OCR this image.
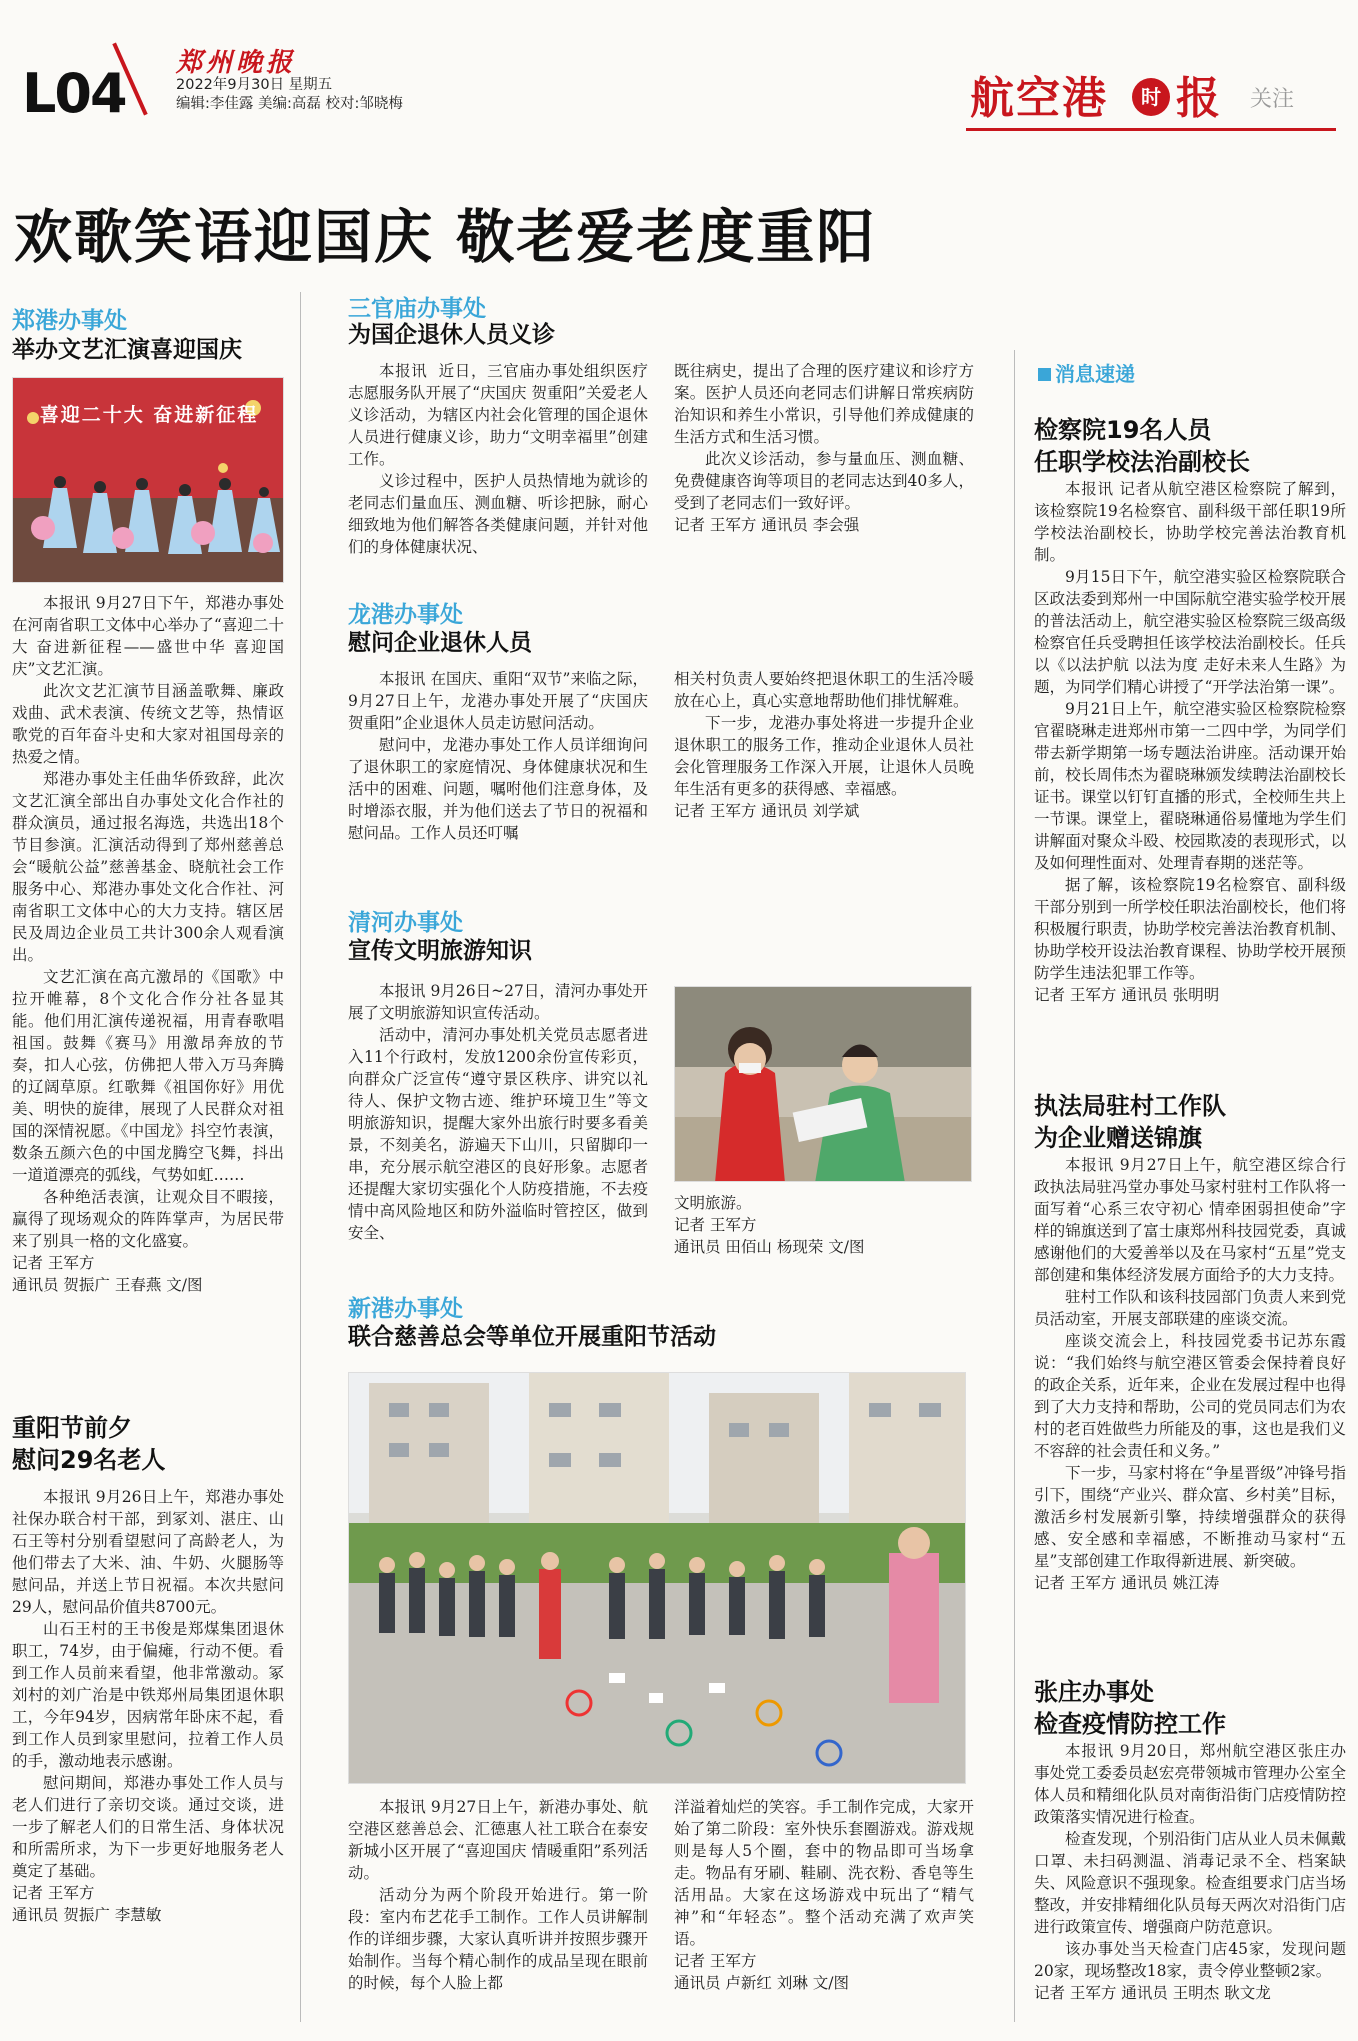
L04 郑州晚报
2022年9月30日 星期五
编辑:李佳露 美编:高磊 校对:邹晓梅	航空港	时 报 关注
欢歌笑语迎国庆 敬老爱老度重阳
郑港办事处
举办文艺汇演喜迎国庆
喜迎二十大 奋进新征程

本报讯 9月27日下午，郑港办事处在河南省职工文体中心举办了“喜迎二十大 奋进新征程——盛世中华 喜迎国庆”文艺汇演。

此次文艺汇演节目涵盖歌舞、廉政戏曲、武术表演、传统文艺等，热情讴歌党的百年奋斗史和大家对祖国母亲的热爱之情。

郑港办事处主任曲华侨致辞，此次文艺汇演全部出自办事处文化合作社的群众演员，通过报名海选，共选出18个节目参演。汇演活动得到了郑州慈善总会“暖航公益”慈善基金、晓航社会工作服务中心、郑港办事处文化合作社、河南省职工文体中心的大力支持。辖区居民及周边企业员工共计300余人观看演出。

文艺汇演在高亢激昂的《国歌》中拉开帷幕，8个文化合作分社各显其能。他们用汇演传递祝福，用青春歌唱祖国。鼓舞《赛马》用激昂奔放的节奏，扣人心弦，仿佛把人带入万马奔腾的辽阔草原。红歌舞《祖国你好》用优美、明快的旋律，展现了人民群众对祖国的深情祝愿。《中国龙》抖空竹表演，数条五颜六色的中国龙腾空飞舞，抖出一道道漂亮的弧线，气势如虹……

各种绝活表演，让观众目不暇接，赢得了现场观众的阵阵掌声，为居民带来了别具一格的文化盛宴。

记者 王军方

通讯员 贺振广 王春燕 文/图

重阳节前夕
慰问29名老人

本报讯 9月26日上午，郑港办事处社保办联合村干部，到冢刘、湛庄、山石王等村分别看望慰问了高龄老人，为他们带去了大米、油、牛奶、火腿肠等慰问品，并送上节日祝福。本次共慰问29人，慰问品价值共8700元。

山石王村的王书俊是郑煤集团退休职工，74岁，由于偏瘫，行动不便。看到工作人员前来看望，他非常激动。冢刘村的刘广治是中铁郑州局集团退休职工，今年94岁，因病常年卧床不起，看到工作人员到家里慰问，拉着工作人员的手，激动地表示感谢。

慰问期间，郑港办事处工作人员与老人们进行了亲切交谈。通过交谈，进一步了解老人们的日常生活、身体状况和所需所求，为下一步更好地服务老人奠定了基础。

记者 王军方

通讯员 贺振广 李慧敏

三官庙办事处
为国企退休人员义诊

本报讯 近日，三官庙办事处组织医疗志愿服务队开展了“庆国庆 贺重阳”关爱老人义诊活动，为辖区内社会化管理的国企退休人员进行健康义诊，助力“文明幸福里”创建工作。

义诊过程中，医护人员热情地为就诊的老同志们量血压、测血糖、听诊把脉，耐心细致地为他们解答各类健康问题，并针对他们的身体健康状况、

既往病史，提出了合理的医疗建议和诊疗方案。医护人员还向老同志们讲解日常疾病防治知识和养生小常识，引导他们养成健康的生活方式和生活习惯。

此次义诊活动，参与量血压、测血糖、免费健康咨询等项目的老同志达到40多人，受到了老同志们一致好评。

记者 王军方 通讯员 李会强

龙港办事处
慰问企业退休人员

本报讯 在国庆、重阳“双节”来临之际，9月27日上午，龙港办事处开展了“庆国庆 贺重阳”企业退休人员走访慰问活动。

慰问中，龙港办事处工作人员详细询问了退休职工的家庭情况、身体健康状况和生活中的困难、问题，嘱咐他们注意身体，及时增添衣服，并为他们送去了节日的祝福和慰问品。工作人员还叮嘱

相关村负责人要始终把退休职工的生活冷暖放在心上，真心实意地帮助他们排忧解难。

下一步，龙港办事处将进一步提升企业退休职工的服务工作，推动企业退休人员社会化管理服务工作深入开展，让退休人员晚年生活有更多的获得感、幸福感。

记者 王军方 通讯员 刘学斌

清河办事处
宣传文明旅游知识

本报讯 9月26日~27日，清河办事处开展了文明旅游知识宣传活动。

活动中，清河办事处机关党员志愿者进入11个行政村，发放1200余份宣传彩页，向群众广泛宣传“遵守景区秩序、讲究以礼待人、保护文物古迹、维护环境卫生”等文明旅游知识，提醒大家外出旅行时要多看美景，不刻美名，游遍天下山川，只留脚印一串，充分展示航空港区的良好形象。志愿者还提醒大家切实强化个人防疫措施，不去疫情中高风险地区和防外溢临时管控区，做到安全、

文明旅游。

记者 王军方

通讯员 田佰山 杨现荣 文/图

新港办事处
联合慈善总会等单位开展重阳节活动

本报讯 9月27日上午，新港办事处、航空港区慈善总会、汇德惠人社工联合在泰安新城小区开展了“喜迎国庆 情暖重阳”系列活动。

活动分为两个阶段开始进行。第一阶段：室内布艺花手工制作。工作人员讲解制作的详细步骤，大家认真听讲并按照步骤开始制作。当每个精心制作的成品呈现在眼前的时候，每个人脸上都

洋溢着灿烂的笑容。手工制作完成，大家开始了第二阶段：室外快乐套圈游戏。游戏规则是每人5个圈，套中的物品即可当场拿走。物品有牙刷、鞋刷、洗衣粉、香皂等生活用品。大家在这场游戏中玩出了“精气神”和“年轻态”。整个活动充满了欢声笑语。

记者 王军方

通讯员 卢新红 刘琳 文/图

消息速递
检察院19名人员
任职学校法治副校长

本报讯 记者从航空港区检察院了解到，该检察院19名检察官、副科级干部任职19所学校法治副校长，协助学校完善法治教育机制。

9月15日下午，航空港实验区检察院联合区政法委到郑州一中国际航空港实验学校开展的普法活动上，航空港实验区检察院三级高级检察官任兵受聘担任该学校法治副校长。任兵以《以法护航 以法为度 走好未来人生路》为题，为同学们精心讲授了“开学法治第一课”。

9月21日上午，航空港实验区检察院检察官翟晓琳走进郑州市第一二四中学，为同学们带去新学期第一场专题法治讲座。活动课开始前，校长周伟杰为翟晓琳颁发续聘法治副校长证书。课堂以钉钉直播的形式，全校师生共上一节课。课堂上，翟晓琳通俗易懂地为学生们讲解面对聚众斗殴、校园欺凌的表现形式，以及如何理性面对、处理青春期的迷茫等。

据了解，该检察院19名检察官、副科级干部分别到一所学校任职法治副校长，他们将积极履行职责，协助学校完善法治教育机制、协助学校开设法治教育课程、协助学校开展预防学生违法犯罪工作等。

记者 王军方 通讯员 张明明

执法局驻村工作队
为企业赠送锦旗

本报讯 9月27日上午，航空港区综合行政执法局驻冯堂办事处马家村驻村工作队将一面写着“心系三农守初心 情牵困弱担使命”字样的锦旗送到了富士康郑州科技园党委，真诚感谢他们的大爱善举以及在马家村“五星”党支部创建和集体经济发展方面给予的大力支持。

驻村工作队和该科技园部门负责人来到党员活动室，开展支部联建的座谈交流。

座谈交流会上，科技园党委书记苏东霞说：“我们始终与航空港区管委会保持着良好的政企关系，近年来，企业在发展过程中也得到了大力支持和帮助，公司的党员同志们为农村的老百姓做些力所能及的事，这也是我们义不容辞的社会责任和义务。”

下一步，马家村将在“争星晋级”冲锋号指引下，围绕“产业兴、群众富、乡村美”目标，激活乡村发展新引擎，持续增强群众的获得感、安全感和幸福感，不断推动马家村“五星”支部创建工作取得新进展、新突破。

记者 王军方 通讯员 姚江涛

张庄办事处
检查疫情防控工作

本报讯 9月20日，郑州航空港区张庄办事处党工委委员赵宏亮带领城市管理办公室全体人员和精细化队员对南街沿街门店疫情防控政策落实情况进行检查。

检查发现，个别沿街门店从业人员未佩戴口罩、未扫码测温、消毒记录不全、档案缺失、风险意识不强现象。检查组要求门店当场整改，并安排精细化队员每天两次对沿街门店进行政策宣传、增强商户防范意识。

该办事处当天检查门店45家，发现问题20家，现场整改18家，责令停业整顿2家。

记者 王军方 通讯员 王明杰 耿文龙
